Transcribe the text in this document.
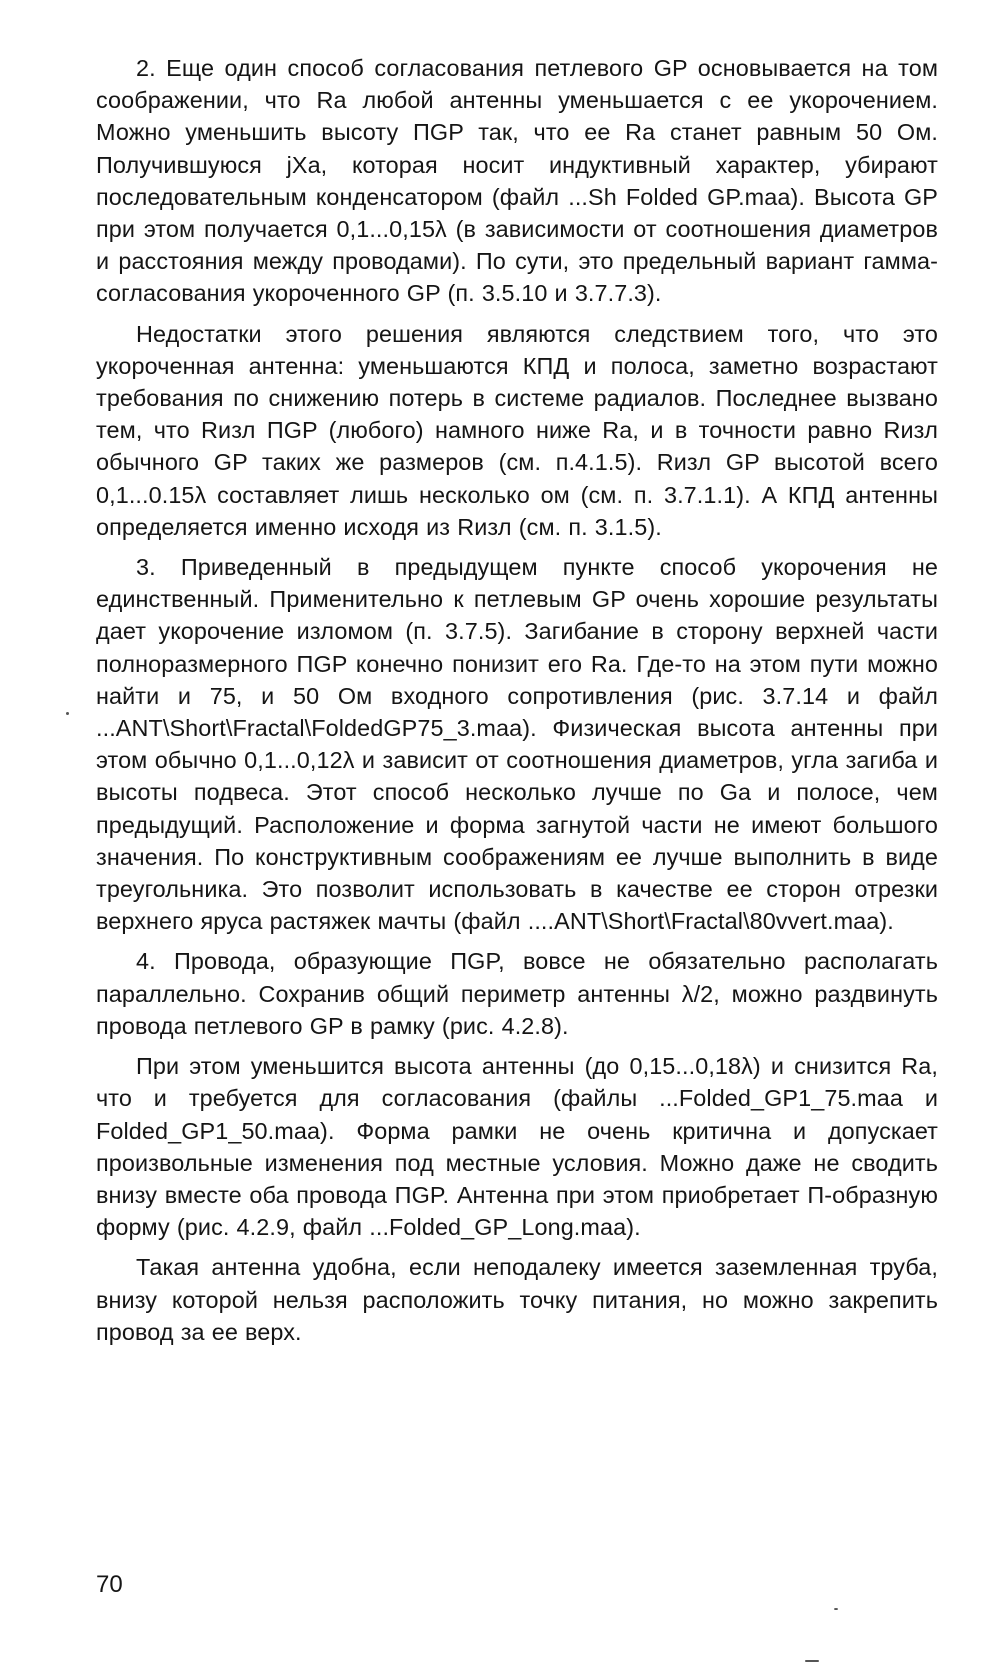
2. Еще один способ согласования петлевого GP основывается на том соображении, что Ra любой антенны уменьшается с ее укорочением. Можно уменьшить высоту ПGP так, что ее Ra станет равным 50 Ом. Получившуюся jXa, которая носит индуктивный характер, убирают последовательным конденсатором (файл ...Sh Folded GP.maa). Высота GP при этом получается 0,1...0,15λ (в зависимости от соотношения диаметров и расстояния между проводами). По сути, это предельный вариант гамма-согласования укороченного GP (п. 3.5.10 и 3.7.7.3).

Недостатки этого решения являются следствием того, что это укороченная антенна: уменьшаются КПД и полоса, заметно возрастают требования по снижению потерь в системе радиалов. Последнее вызвано тем, что Rизл ПGP (любого) намного ниже Ra, и в точности равно Rизл обычного GP таких же размеров (см. п.4.1.5). Rизл GP высотой всего 0,1...0.15λ составляет лишь несколько ом (см. п. 3.7.1.1). А КПД антенны определяется именно исходя из Rизл (см. п. 3.1.5).

3. Приведенный в предыдущем пункте способ укорочения не единственный. Применительно к петлевым GP очень хорошие результаты дает укорочение изломом (п. 3.7.5). Загибание в сторону верхней части полноразмерного ПGP конечно понизит его Ra. Где-то на этом пути можно найти и 75, и 50 Ом входного сопротивления (рис. 3.7.14 и файл ...ANT\Short\Fractal\FoldedGP75_3.maa). Физическая высота антенны при этом обычно 0,1...0,12λ и зависит от соотношения диаметров, угла загиба и высоты подвеса. Этот способ несколько лучше по Ga и полосе, чем предыдущий. Расположение и форма загнутой части не имеют большого значения. По конструктивным соображениям ее лучше выполнить в виде треугольника. Это позволит использовать в качестве ее сторон отрезки верхнего яруса растяжек мачты (файл ....ANT\Short\Fractal\80vvert.maa).

4. Провода, образующие ПGP, вовсе не обязательно располагать параллельно. Сохранив общий периметр антенны λ/2, можно раздвинуть провода петлевого GP в рамку (рис. 4.2.8).

При этом уменьшится высота антенны (до 0,15...0,18λ) и снизится Ra, что и требуется для согласования (файлы ...Folded_GP1_75.maa и Folded_GP1_50.maa). Форма рамки не очень критична и допускает произвольные изменения под местные условия. Можно даже не сводить внизу вместе оба провода ПGP. Антенна при этом приобретает П-образную форму (рис. 4.2.9, файл ...Folded_GP_Long.maa).

Такая антенна удобна, если неподалеку имеется заземленная труба, внизу которой нельзя расположить точку питания, но можно закрепить провод за ее верх.

70
